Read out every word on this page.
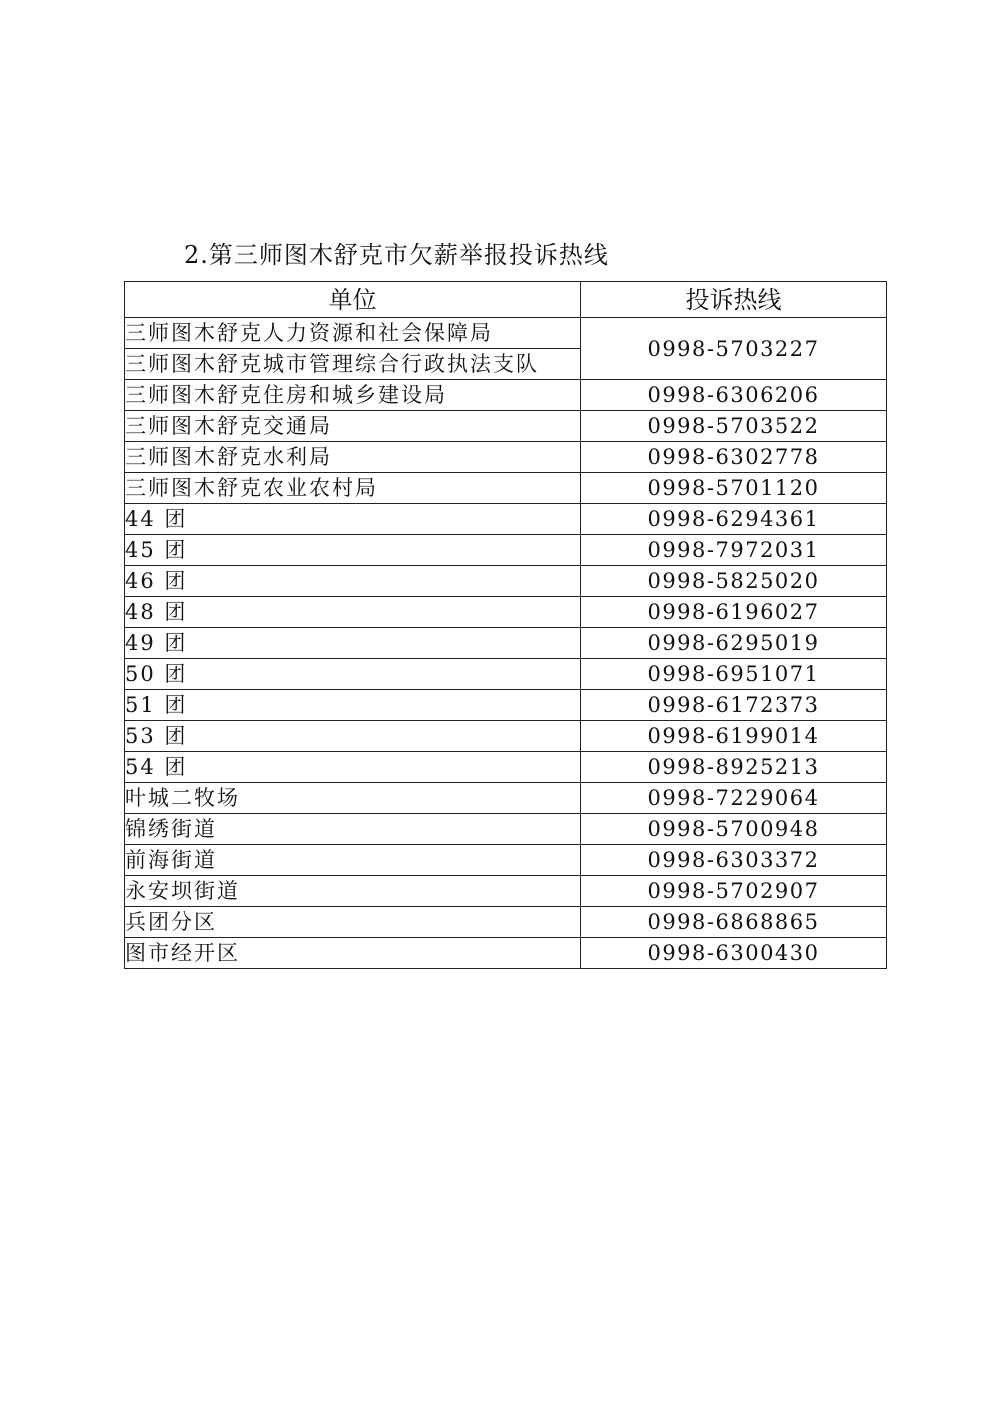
2.第三师图木舒克市欠薪举报投诉热线
单位	投诉热线
三师图木舒克人力资源和社会保障局	0998-5703227
三师图木舒克城市管理综合行政执法支队	
三师图木舒克住房和城乡建设局	0998-6306206
三师图木舒克交通局	0998-5703522
三师图木舒克水利局	0998-6302778
三师图木舒克农业农村局	0998-5701120
44 团	0998-6294361
45 团	0998-7972031
46 团	0998-5825020
48 团	0998-6196027
49 团	0998-6295019
50 团	0998-6951071
51 团	0998-6172373
53 团	0998-6199014
54 团	0998-8925213
叶城二牧场	0998-7229064
锦绣街道	0998-5700948
前海街道	0998-6303372
永安坝街道	0998-5702907
兵团分区	0998-6868865
图市经开区	0998-6300430
